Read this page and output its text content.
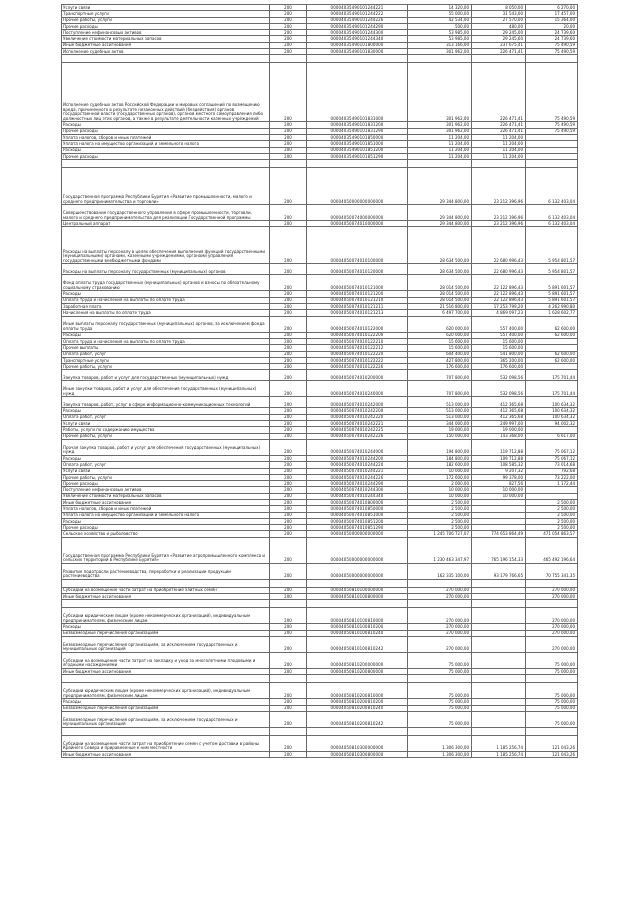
Услуги связи	200	00004035490101244221	14 320,00	8 050,00	6 270,00
Транспортные услуги	200	00004035490101244222	55 000,00	31 543,00	17 457,00
Прочие работы, услуги	200	00004035490101244226	42 534,00	27 570,00	15 364,00
Прочие расходы	200	00004035490101244290	500,00	480,00	20,00
Поступление нефинансовых активов	200	00004035490101244300	53 985,00	29 245,00	24 739,60
Увеличение стоимости материальных запасов	200	00004035490101244340	53 985,00	29 245,60	24 739,60
Иные бюджетные ассигнования	200	00004035490101800000	313 166,00	237 675,41	75 490,59
Исполнение судебных актов	200	00004035490101830000	301 962,00	226 471,41	75 490,59

Исполнение судебных актов Российской Федерации и мировых соглашений по возмещению вреда, причиненного в результате незаконных действий (бездействия) органов государственной власти (государственных органов), органов местного самоуправления либо должностных лиц этих органов, а также в результате деятельности казенных учреждений	200	00004035490101831000	301 962,00	226 471,41	75 490,59
Расходы	200	00004035490101831200	301 962,00	226 471,41	75 490,59
Прочие расходы	200	00004035490101831290	301 962,00	226 471,41	75 490,59
Уплата налогов, сборов и иных платежей	200	00004035490101850000	11 204,00	11 204,00	
Уплата налога на имущество организаций и земельного налога	200	00004035490101851000	11 204,00	11 204,00	
Расходы	200	00004035490101851200	11 204,00	11 204,00	
Прочие расходы	200	00004035490101851290	11 204,00	11 204,00	

Государственная программа Республики Бурятия «Развитие промышленности, малого и среднего предпринимательства и торговли»	200	00004050000000000000	29 344 800,00	23 212 396,96	6 132 403,04
Совершенствование государственного управления в сфере промышленности, торговли, малого и среднего предпринимательства для реализации Государственной программы	200	00004050074000000000	29 344 800,00	23 212 396,96	6 132 403,04
Центральный аппарат	200	00004050074010000000	29 344 800,00	23 212 396,96	6 132 403,04
Расходы на выплаты персоналу в целях обеспечения выполнения функций государственными (муниципальными) органами, казенными учреждениями, органами управления государственными внебюджетными фондами	200	00004050074010100000	28 634 500,00	22 680 996,43	5 954 801,57
Расходы на выплаты персоналу государственных (муниципальных) органов	200	00004050074010120000	28 634 500,00	22 680 996,43	5 954 801,57
Фонд оплаты труда государственных (муниципальных) органов и взносы по обязательному социальному страхованию	200	00004050074010121000	28 014 500,00	22 122 896,43	5 891 601,57
Расходы	200	00004050074010121200	28 014 500,00	22 122 896,43	5 891 601,57
Оплата труда и начисления на выплаты по оплате труда	200	00004050074010121210	28 014 500,00	22 122 896,43	5 891 601,57
Заработная плата	200	00004050074010121211	21 516 800,00	17 253 799,20	4 262 990,80
Начисления на выплаты по оплате труда	200	00004050074010121213	6 497 700,00	4 869 097,23	1 628 602,77
Иные выплаты персоналу государственных (муниципальных) органов, за исключением фонда оплаты труда	200	00004050074010122000	620 000,00	557 400,00	62 600,00
Расходы	200	00004050074010122200	620 000,00	557 400,00	62 600,00
Оплата труда и начисления на выплаты по оплате труда	200	00004050074010122210	15 600,00	15 600,00	
Прочие выплаты	200	00004050074010122212	15 600,00	15 600,00	
Оплата работ, услуг	200	00004050074010122220	604 400,00	541 800,00	62 600,00
Транспортные услуги	200	00004050074010122222	427 800,00	365 200,00	62 600,00
Прочие работы, услуги	200	00004050074010122226	176 600,00	176 600,00	
Закупка товаров, работ и услуг для государственных (муниципальных) нужд	200	00004050074010200000	707 800,00	532 098,56	175 701,44
Иные закупки товаров, работ и услуг для обеспечения государственных (муниципальных) нужд	200	00004050074010240000	707 800,00	532 098,56	175 701,44
Закупка товаров, работ, услуг в сфере информационно-коммуникационных технологий	200	00004050074010242000	513 000,00	412 365,68	100 634,32
Расходы	200	00004050074010242200	513 000,00	412 365,68	100 634,32
Оплата работ, услуг	200	00004050074010242220	513 000,00	412 365,68	100 634,32
Услуги связи	200	00004050074010242221	344 000,00	249 997,00	94 002,32
Работы, услуги по содержанию имущества	200	00004050074010242225	19 000,00	19 000,00	
Прочие работы, услуги	200	00004050074010242226	150 000,00	143 368,00	6 617,00
Прочая закупка товаров, работ и услуг для обеспечения государственных (муниципальных) нужд	200	00004050074010244000	194 800,00	119 712,88	75 067,12
Расходы	200	00004050074010244200	184 800,00	109 712,88	75 067,12
Оплата работ, услуг	200	00004050074010244220	182 600,00	108 585,32	73 014,68
Услуги связи	200	00004050074010244221	10 000,00	9 207,32	792,68
Прочие работы, услуги	200	00004050074010244226	172 600,00	99 378,00	73 222,00
Прочие расходы	200	00004050074010244290	2 000,00	827,56	1 172,44
Поступление нефинансовых активов	200	00004050074010244300	10 000,00	10 000,00	
Увеличение стоимости материальных запасов	200	00004050074010244340	10 000,00	10 000,00	
Иные бюджетные ассигнования	200	00004050074010800000	2 500,00		2 500,00
Уплата налогов, сборов и иных платежей	200	00004050074010850000	2 500,00		2 500,00
Уплата налога на имущество организаций и земельного налога	200	00004050074010851000	2 500,00		2 500,00
Расходы	200	00004050074010851200	2 500,00		2 500,00
Прочие расходы	200	00004050074010851290	2 500,00		2 500,00
Сельское хозяйство и рыболовство	200	00004050000000000000	1 245 706 727,07	774 653 864,49	471 054 863,57
Государственная программа Республики Бурятия «Развитие агропромышленного комплекса и сельских территорий в Республике Бурятия»	200	00004050000000000000	1 230 463 347,97	765 196 154,33	465 492 196,64
Развитие подотрасли растениеводства, переработки и реализации продукции растениеводства	200	00004050000000000000	162 335 100,00	93 179 766,65	70 755 341,35

Субсидии на возмещение части затрат на приобретение элитных семян	200	00004050810100000000	270 000,00		270 000,00
Иные бюджетные ассигнования	200	00004050810100800000	270 000,00		270 000,00

Субсидии юридическим лицам (кроме некоммерческих организаций), индивидуальным предпринимателям, физическим лицам	200	00004050810100810000	270 000,00		270 000,00
Расходы	200	00004050810100810200	270 000,00		270 000,00
Безвозмездные перечисления организациям	200	00004050810100810240	270 000,00		270 000,00
Безвозмездные перечисления организациям, за исключением государственных и муниципальных организаций	200	00004050810100810242	270 000,00		270 000,00
Субсидии на возмещение части затрат на закладку и уход за многолетними плодовыми и ягодными насаждениями	200	00004050810200000000	75 000,00		75 000,00
Иные бюджетные ассигнования	200	00004050810200800000	75 000,00		75 000,00

Субсидии юридическим лицам (кроме некоммерческих организаций), индивидуальным предпринимателям, физическим лицам	200	00004050810200810000	75 000,00		75 000,00
Расходы	200	00004050810200810200	75 000,00		75 000,00
Безвозмездные перечисления организациям	200	00004050810200810240	75 000,00		75 000,00
Безвозмездные перечисления организациям, за исключением государственных и муниципальных организаций	200	00004050810200810242	75 000,00		75 000,00

Субсидии на возмещение части затрат на приобретение семян с учетом доставки в районы Крайнего Севера и приравненные к ним местности	200	00004050810300000000	1 306 300,00	1 185 256,74	121 043,26
Иные бюджетные ассигнования	200	00004050810300800000	1 306 300,00	1 185 256,74	121 043,26
